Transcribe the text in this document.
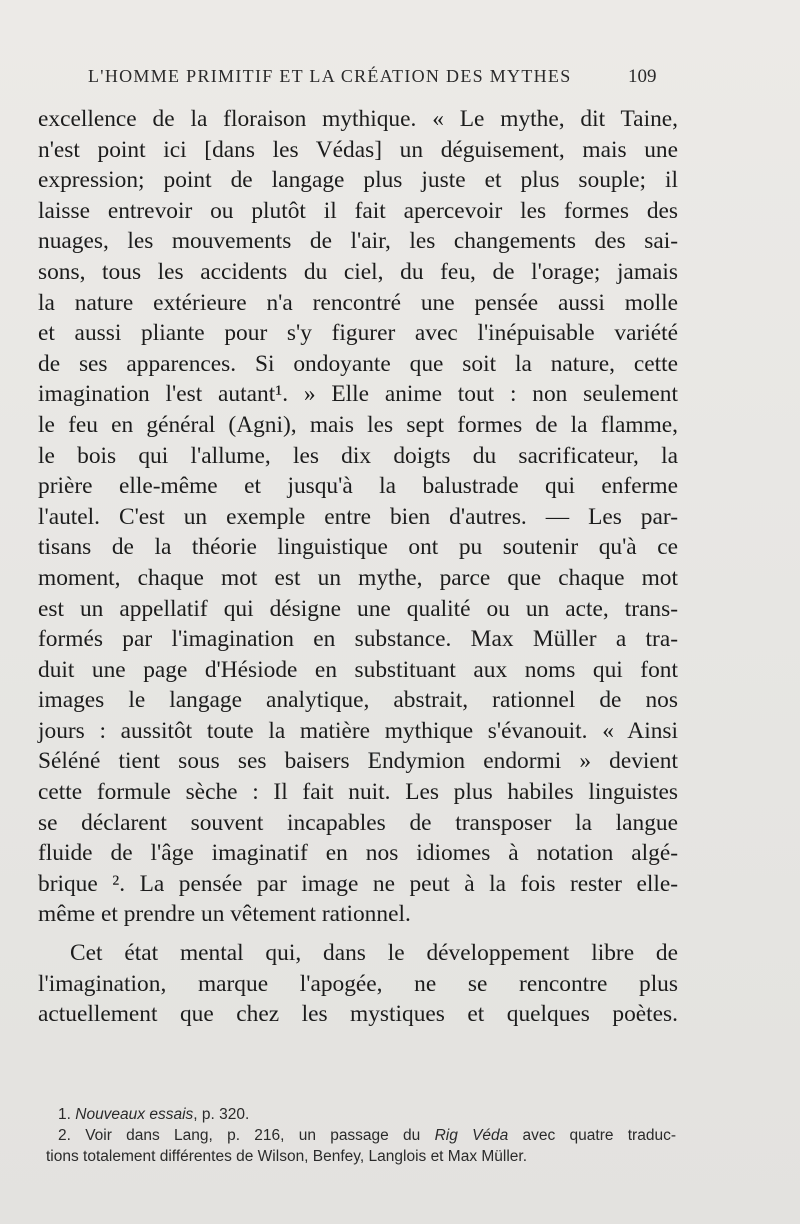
L'HOMME PRIMITIF ET LA CRÉATION DES MYTHES	109
excellence de la floraison mythique. « Le mythe, dit Taine,
n'est point ici [dans les Védas] un déguisement, mais une
expression; point de langage plus juste et plus souple; il
laisse entrevoir ou plutôt il fait apercevoir les formes des
nuages, les mouvements de l'air, les changements des sai-
sons, tous les accidents du ciel, du feu, de l'orage; jamais
la nature extérieure n'a rencontré une pensée aussi molle
et aussi pliante pour s'y figurer avec l'inépuisable variété
de ses apparences. Si ondoyante que soit la nature, cette
imagination l'est autant¹. » Elle anime tout : non seulement
le feu en général (Agni), mais les sept formes de la flamme,
le bois qui l'allume, les dix doigts du sacrificateur, la
prière elle-même et jusqu'à la balustrade qui enferme
l'autel. C'est un exemple entre bien d'autres. — Les par-
tisans de la théorie linguistique ont pu soutenir qu'à ce
moment, chaque mot est un mythe, parce que chaque mot
est un appellatif qui désigne une qualité ou un acte, trans-
formés par l'imagination en substance. Max Müller a tra-
duit une page d'Hésiode en substituant aux noms qui font
images le langage analytique, abstrait, rationnel de nos
jours : aussitôt toute la matière mythique s'évanouit. « Ainsi
Séléné tient sous ses baisers Endymion endormi » devient
cette formule sèche : Il fait nuit. Les plus habiles linguistes
se déclarent souvent incapables de transposer la langue
fluide de l'âge imaginatif en nos idiomes à notation algé-
brique ². La pensée par image ne peut à la fois rester elle-
même et prendre un vêtement rationnel.
Cet état mental qui, dans le développement libre de
l'imagination, marque l'apogée, ne se rencontre plus
actuellement que chez les mystiques et quelques poètes.
1. Nouveaux essais, p. 320.
2. Voir dans Lang, p. 216, un passage du Rig Véda avec quatre traduc-
tions totalement différentes de Wilson, Benfey, Langlois et Max Müller.
